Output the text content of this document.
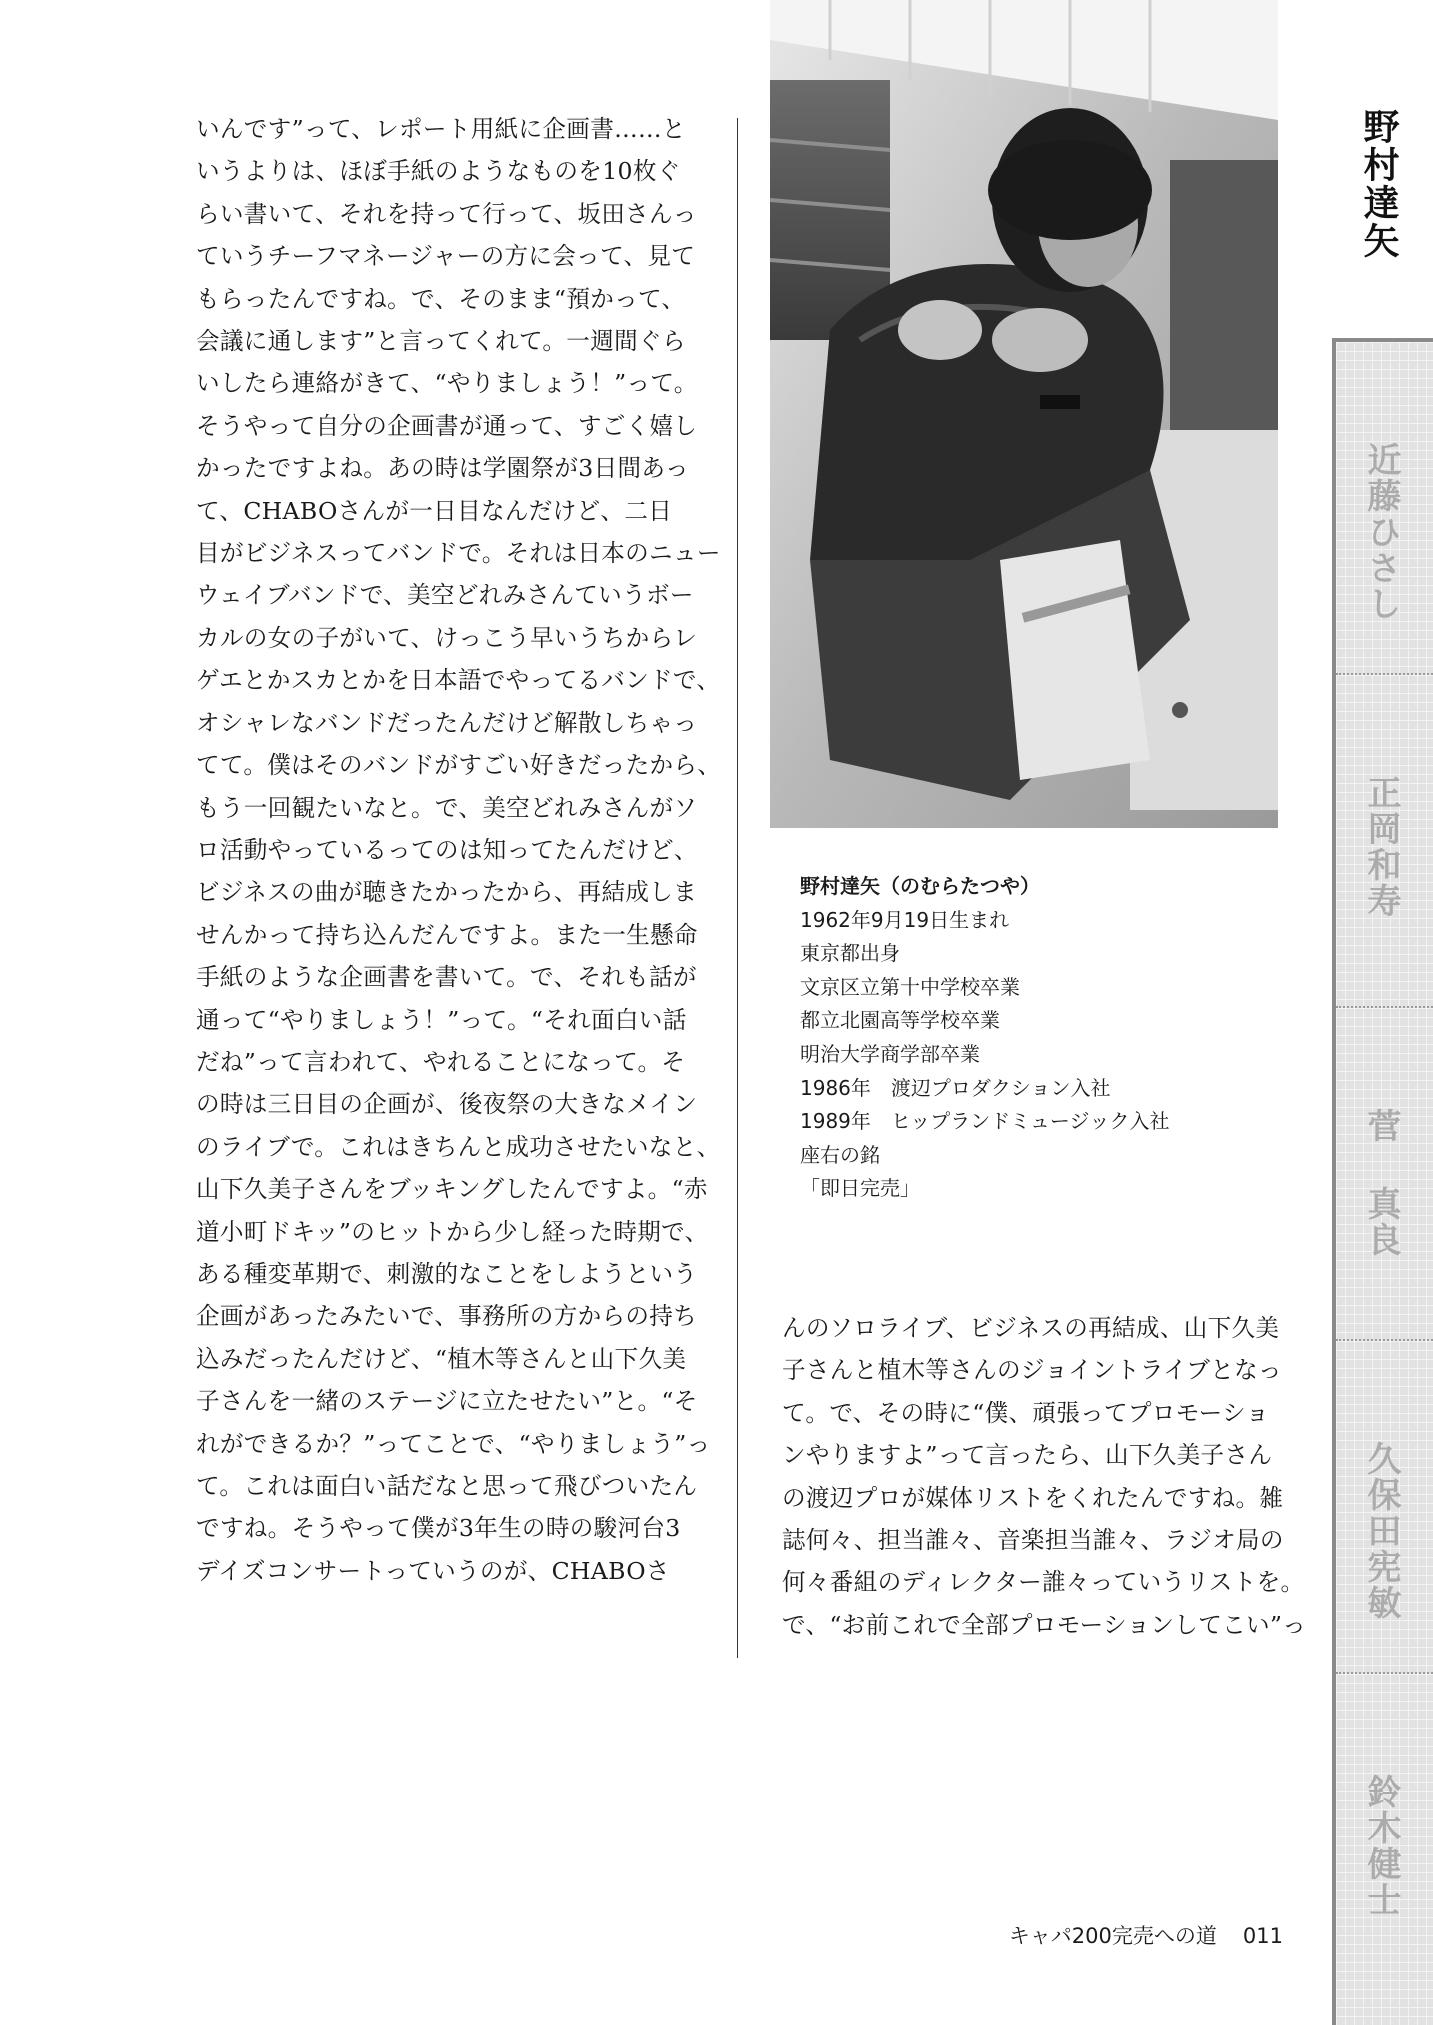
いんです”って、レポート用紙に企画書……と
いうよりは、ほぼ手紙のようなものを10枚ぐ
らい書いて、それを持って行って、坂田さんっ
ていうチーフマネージャーの方に会って、見て
もらったんですね。で、そのまま“預かって、
会議に通します”と言ってくれて。一週間ぐら
いしたら連絡がきて、“やりましょう！”って。
そうやって自分の企画書が通って、すごく嬉し
かったですよね。あの時は学園祭が3日間あっ
て、CHABOさんが一日目なんだけど、二日
目がビジネスってバンドで。それは日本のニュー
ウェイブバンドで、美空どれみさんていうボー
カルの女の子がいて、けっこう早いうちからレ
ゲエとかスカとかを日本語でやってるバンドで、
オシャレなバンドだったんだけど解散しちゃっ
てて。僕はそのバンドがすごい好きだったから、
もう一回観たいなと。で、美空どれみさんがソ
ロ活動やっているってのは知ってたんだけど、
ビジネスの曲が聴きたかったから、再結成しま
せんかって持ち込んだんですよ。また一生懸命
手紙のような企画書を書いて。で、それも話が
通って“やりましょう！”って。“それ面白い話
だね”って言われて、やれることになって。そ
の時は三日目の企画が、後夜祭の大きなメイン
のライブで。これはきちんと成功させたいなと、
山下久美子さんをブッキングしたんですよ。“赤
道小町ドキッ”のヒットから少し経った時期で、
ある種変革期で、刺激的なことをしようという
企画があったみたいで、事務所の方からの持ち
込みだったんだけど、“植木等さんと山下久美
子さんを一緒のステージに立たせたい”と。“そ
れができるか？”ってことで、“やりましょう”っ
て。これは面白い話だなと思って飛びついたん
ですね。そうやって僕が3年生の時の駿河台3
デイズコンサートっていうのが、CHABOさ
野村達矢（のむらたつや）
1962年9月19日生まれ
東京都出身
文京区立第十中学校卒業
都立北園高等学校卒業
明治大学商学部卒業
1986年　渡辺プロダクション入社
1989年　ヒップランドミュージック入社
座右の銘
「即日完売」
んのソロライブ、ビジネスの再結成、山下久美
子さんと植木等さんのジョイントライブとなっ
て。で、その時に“僕、頑張ってプロモーショ
ンやりますよ”って言ったら、山下久美子さん
の渡辺プロが媒体リストをくれたんですね。雑
誌何々、担当誰々、音楽担当誰々、ラジオ局の
何々番組のディレクター誰々っていうリストを。
で、“お前これで全部プロモーションしてこい”っ
キャパ200完売への道 011
野村達矢
近藤ひさし
正岡和寿
菅 真良
久保田宪敏
鈴木健士
